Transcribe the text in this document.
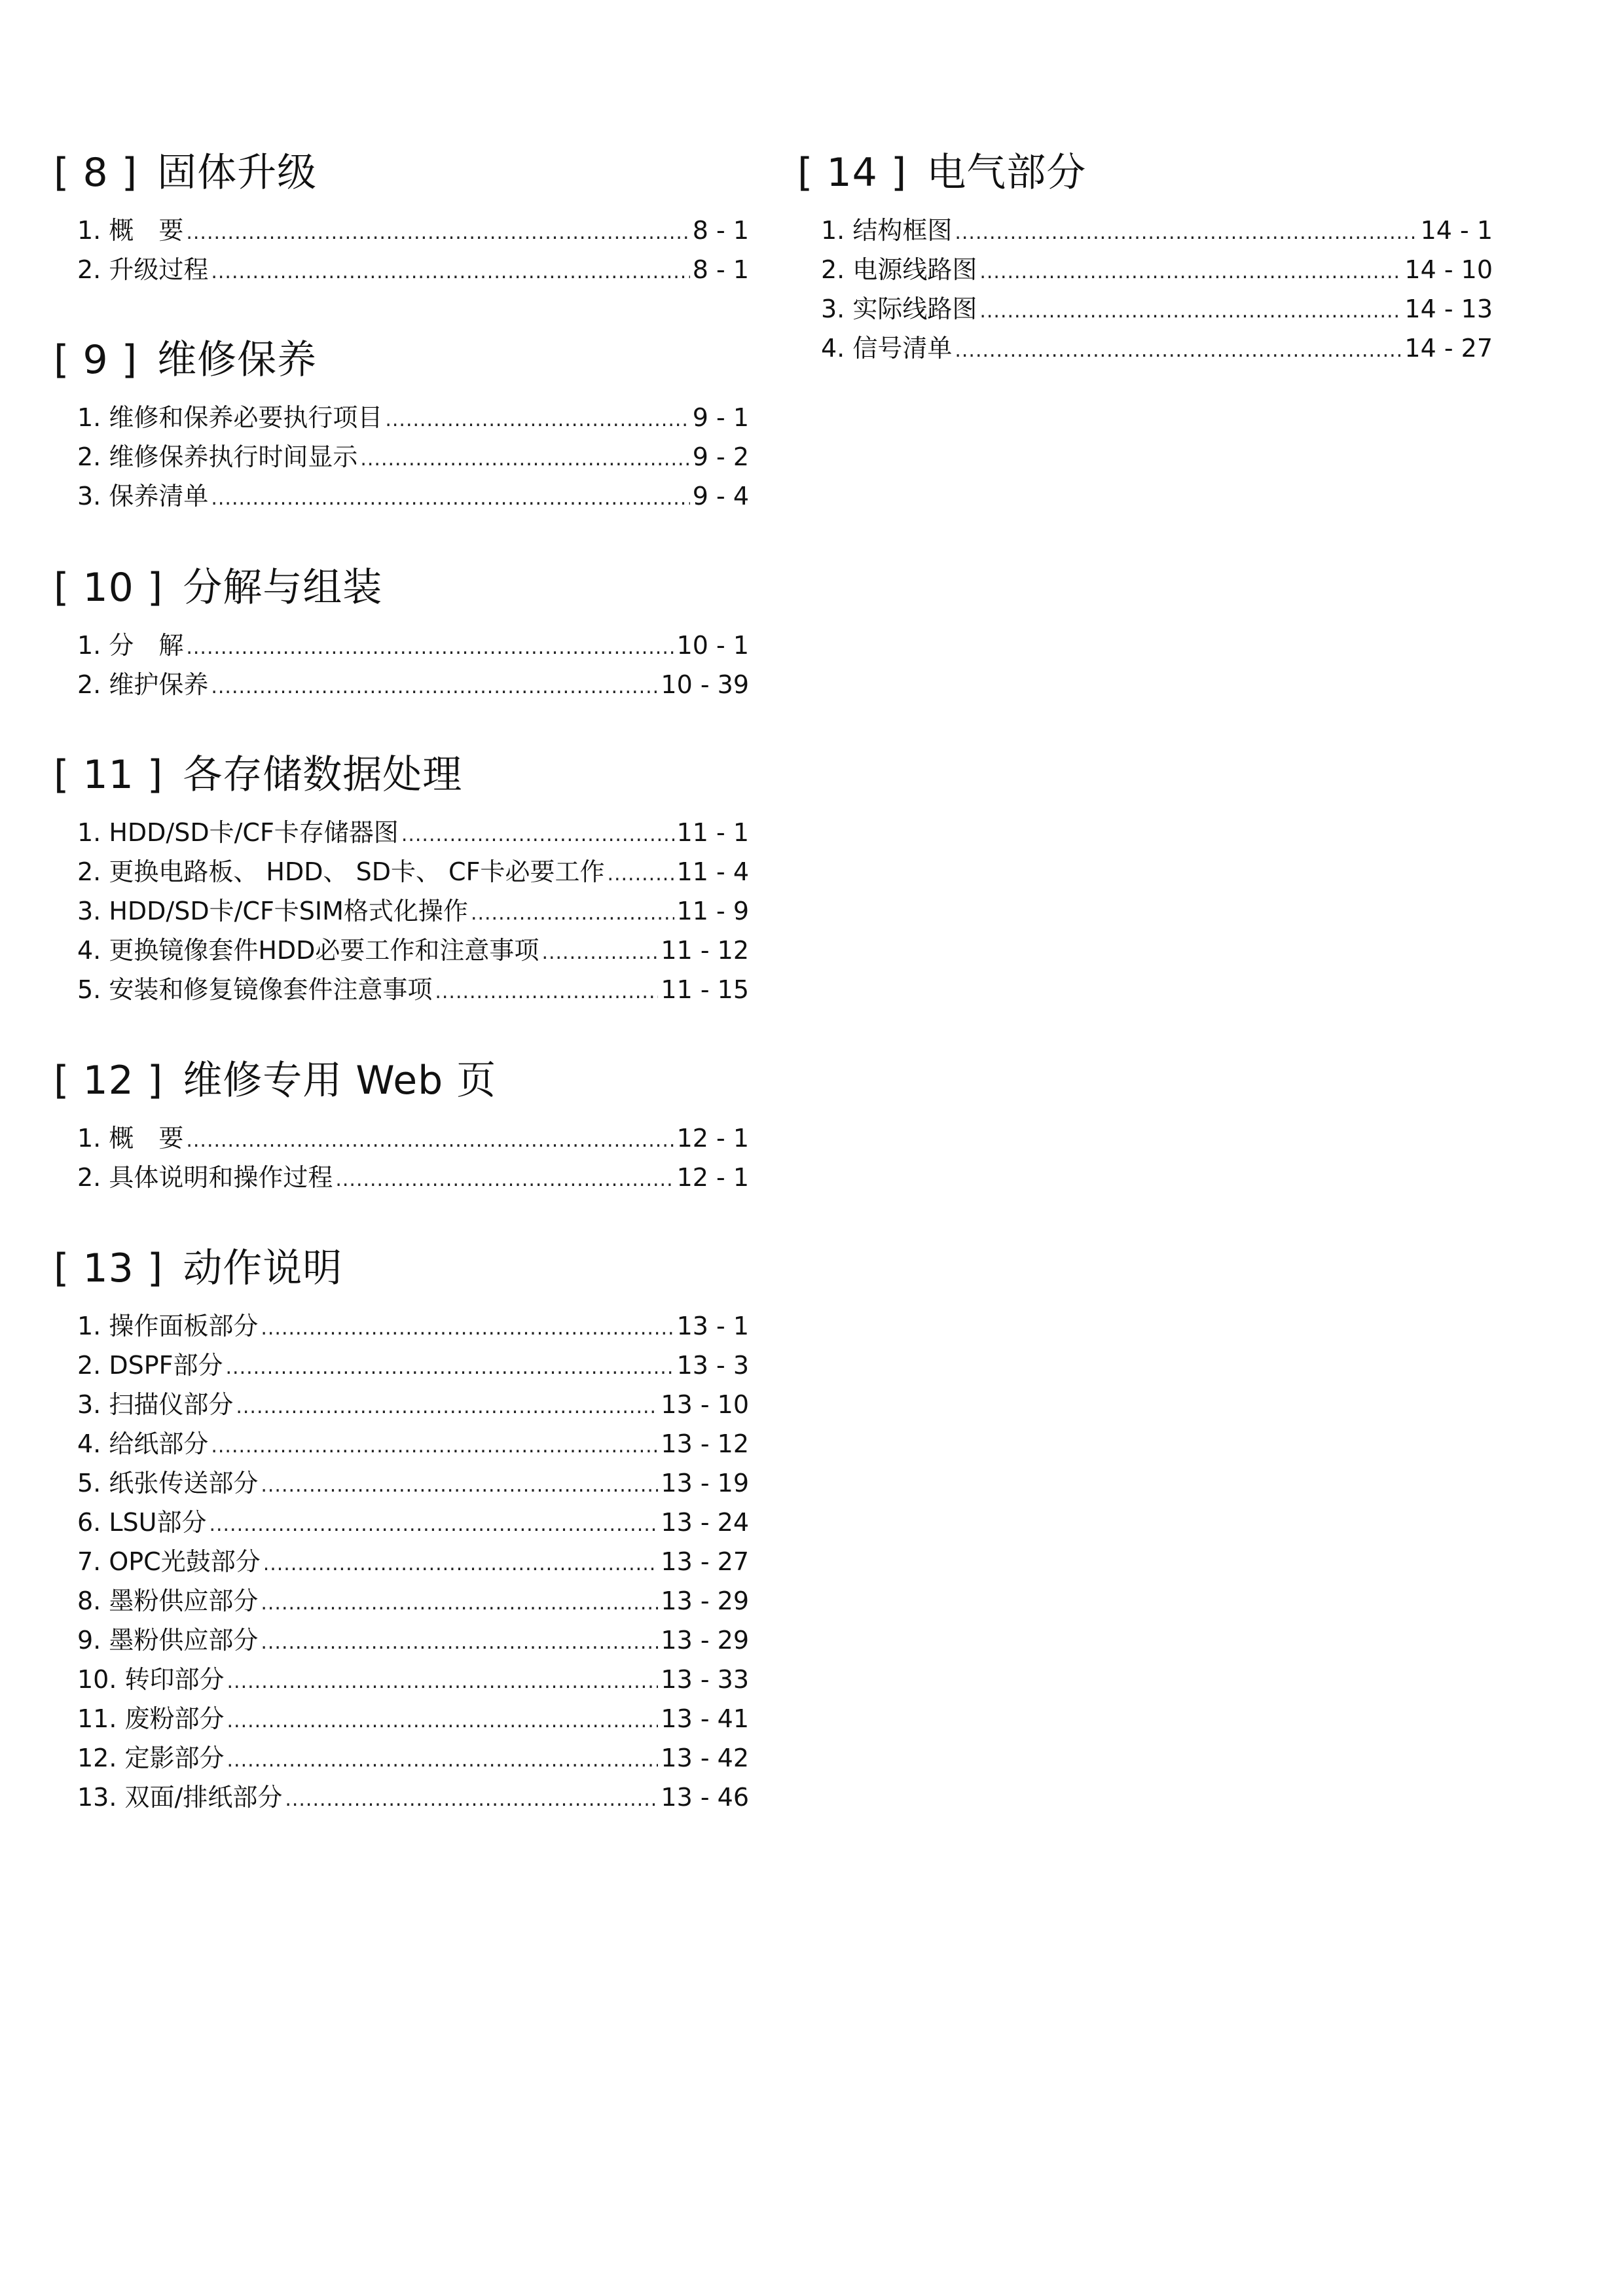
[ 8 ] 固体升级
1. 概　要 .....	8 - 1
2. 升级过程 .....	8 - 1
[ 9 ] 维修保养
1. 维修和保养必要执行项目 .....	9 - 1
2. 维修保养执行时间显示 .....	9 - 2
3. 保养清单 .....	9 - 4
[ 10 ] 分解与组装
1. 分　解 .....	10 - 1
2. 维护保养 .....	10 - 39
[ 11 ] 各存储数据处理
1. HDD/SD卡/CF卡存储器图 .....	11 - 1
2. 更换电路板、 HDD、 SD卡、 CF卡必要工作 .....	11 - 4
3. HDD/SD卡/CF卡SIM格式化操作 .....	11 - 9
4. 更换镜像套件HDD必要工作和注意事项 .....	11 - 12
5. 安装和修复镜像套件注意事项 .....	11 - 15
[ 12 ] 维修专用 Web 页
1. 概　要 .....	12 - 1
2. 具体说明和操作过程 .....	12 - 1
[ 13 ] 动作说明
1. 操作面板部分 .....	13 - 1
2. DSPF部分 .....	13 - 3
3. 扫描仪部分 .....	13 - 10
4. 给纸部分 .....	13 - 12
5. 纸张传送部分 .....	13 - 19
6. LSU部分 .....	13 - 24
7. OPC光鼓部分 .....	13 - 27
8. 墨粉供应部分 .....	13 - 29
9. 墨粉供应部分 .....	13 - 29
10. 转印部分 .....	13 - 33
11. 废粉部分 .....	13 - 41
12. 定影部分 .....	13 - 42
13. 双面/排纸部分 .....	13 - 46
[ 14 ] 电气部分
1. 结构框图 .....	14 - 1
2. 电源线路图 .....	14 - 10
3. 实际线路图 .....	14 - 13
4. 信号清单 .....	14 - 27
